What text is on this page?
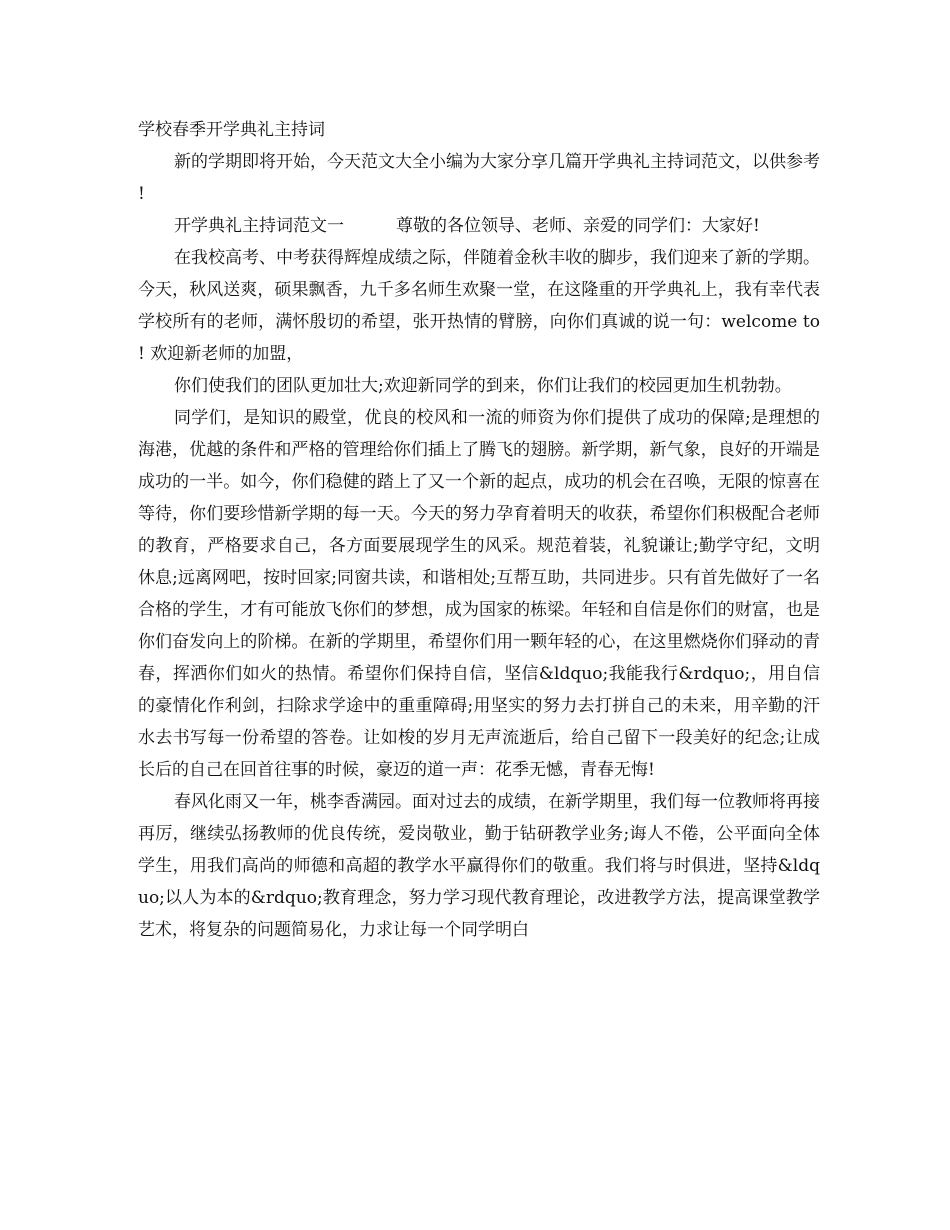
学校春季开学典礼主持词

新的学期即将开始，今天范文大全小编为大家分享几篇开学典礼主持词范文，以供参考!

开学典礼主持词范文一	尊敬的各位领导、老师、亲爱的同学们：大家好!

在我校高考、中考获得辉煌成绩之际，伴随着金秋丰收的脚步，我们迎来了新的学期。今天，秋风送爽，硕果飘香，九千多名师生欢聚一堂，在这隆重的开学典礼上，我有幸代表学校所有的老师，满怀殷切的希望，张开热情的臂膀，向你们真诚的说一句：welcome to ! 欢迎新老师的加盟，

你们使我们的团队更加壮大;欢迎新同学的到来，你们让我们的校园更加生机勃勃。

同学们，是知识的殿堂，优良的校风和一流的师资为你们提供了成功的保障;是理想的海港，优越的条件和严格的管理给你们插上了腾飞的翅膀。新学期，新气象，良好的开端是成功的一半。如今，你们稳健的踏上了又一个新的起点，成功的机会在召唤，无限的惊喜在等待，你们要珍惜新学期的每一天。今天的努力孕育着明天的收获，希望你们积极配合老师的教育，严格要求自己，各方面要展现学生的风采。规范着装，礼貌谦让;勤学守纪，文明休息;远离网吧，按时回家;同窗共读，和谐相处;互帮互助，共同进步。只有首先做好了一名合格的学生，才有可能放飞你们的梦想，成为国家的栋梁。年轻和自信是你们的财富，也是你们奋发向上的阶梯。在新的学期里，希望你们用一颗年轻的心，在这里燃烧你们驿动的青春，挥洒你们如火的热情。希望你们保持自信，坚信&ldquo;我能我行&rdquo;，用自信的豪情化作利剑，扫除求学途中的重重障碍;用坚实的努力去打拼自己的未来，用辛勤的汗水去书写每一份希望的答卷。让如梭的岁月无声流逝后，给自己留下一段美好的纪念;让成长后的自己在回首往事的时候，豪迈的道一声：花季无憾，青春无悔!

春风化雨又一年，桃李香满园。面对过去的成绩，在新学期里，我们每一位教师将再接再厉，继续弘扬教师的优良传统，爱岗敬业，勤于钻研教学业务;诲人不倦，公平面向全体学生，用我们高尚的师德和高超的教学水平赢得你们的敬重。我们将与时俱进，坚持&ldquo;以人为本的&rdquo;教育理念，努力学习现代教育理论，改进教学方法，提高课堂教学艺术，将复杂的问题简易化，力求让每一个同学明白
